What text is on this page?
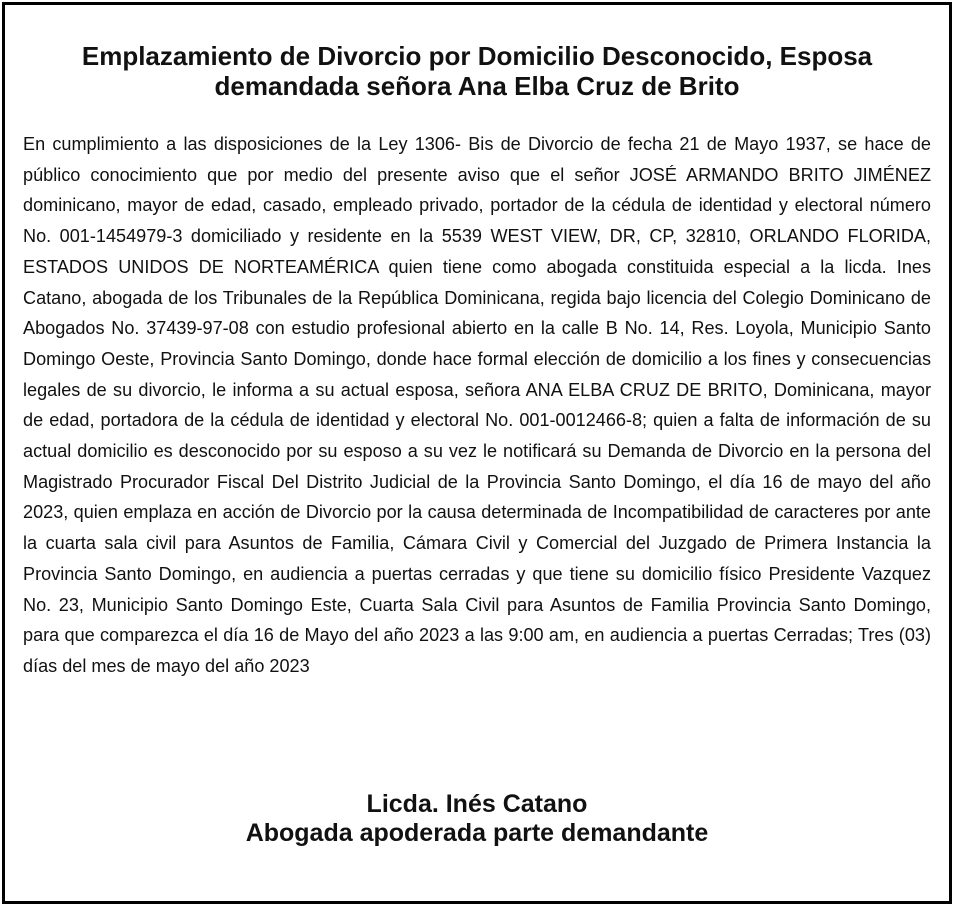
Emplazamiento de Divorcio por Domicilio Desconocido, Esposa
demandada señora Ana Elba Cruz de Brito

En cumplimiento a las disposiciones de la Ley 1306- Bis de Divorcio de fecha 21 de Mayo 1937, se hace de público conocimiento que por medio del presente aviso que el señor JOSÉ ARMANDO BRITO JIMÉNEZ dominicano, mayor de edad, casado, empleado privado, portador de la cédula de identidad y electoral número No. 001-1454979-3 domiciliado y residente en la 5539 WEST VIEW, DR, CP, 32810, ORLANDO FLORIDA, ESTADOS UNIDOS DE NORTEAMÉRICA quien tiene como abogada constituida especial a la licda. Ines Catano, abogada de los Tribunales de la República Dominicana, regida bajo licencia del Colegio Dominicano de Abogados No. 37439-97-08 con estudio profesional abierto en la calle B No. 14, Res. Loyola, Municipio Santo Domingo Oeste, Provincia Santo Domingo, donde hace formal elección de domicilio a los fines y consecuencias legales de su divorcio, le informa a su actual esposa, señora ANA ELBA CRUZ DE BRITO, Dominicana, mayor de edad, portadora de la cédula de identidad y electoral No. 001-0012466-8; quien a falta de información de su actual domicilio es desconocido por su esposo a su vez le notificará su Demanda de Divorcio en la persona del Magistrado Procurador Fiscal Del Distrito Judicial de la Provincia Santo Domingo, el día 16 de mayo del año 2023, quien emplaza en acción de Divorcio por la causa determinada de Incompatibilidad de caracteres por ante la cuarta sala civil para Asuntos de Familia, Cámara Civil y Comercial del Juzgado de Primera Instancia la Provincia Santo Domingo, en audiencia a puertas cerradas y que tiene su domicilio físico Presidente Vazquez No. 23, Municipio Santo Domingo Este, Cuarta Sala Civil para Asuntos de Familia Provincia Santo Domingo, para que comparezca el día 16 de Mayo del año 2023 a las 9:00 am, en audiencia a puertas Cerradas; Tres (03) días del mes de mayo del año 2023

Licda. Inés Catano
Abogada apoderada parte demandante
